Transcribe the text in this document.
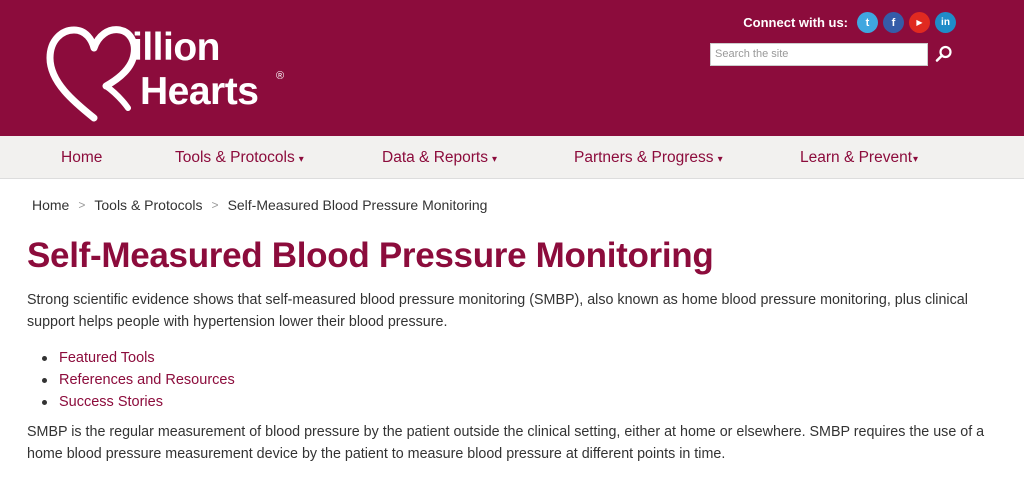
illion
Hearts ®
Connect with us:	t	f	▶	in
Search the site
Home	Tools & Protocols ▾	Data & Reports ▾	Partners & Progress ▾	Learn & Prevent▾
Home > Tools & Protocols > Self-Measured Blood Pressure Monitoring
Self-Measured Blood Pressure Monitoring

Strong scientific evidence shows that self-measured blood pressure monitoring (SMBP), also known as home blood pressure monitoring, plus clinical support helps people with hypertension lower their blood pressure.

Featured Tools
References and Resources
Success Stories

SMBP is the regular measurement of blood pressure by the patient outside the clinical setting, either at home or elsewhere. SMBP requires the use of a home blood pressure measurement device by the patient to measure blood pressure at different points in time.
